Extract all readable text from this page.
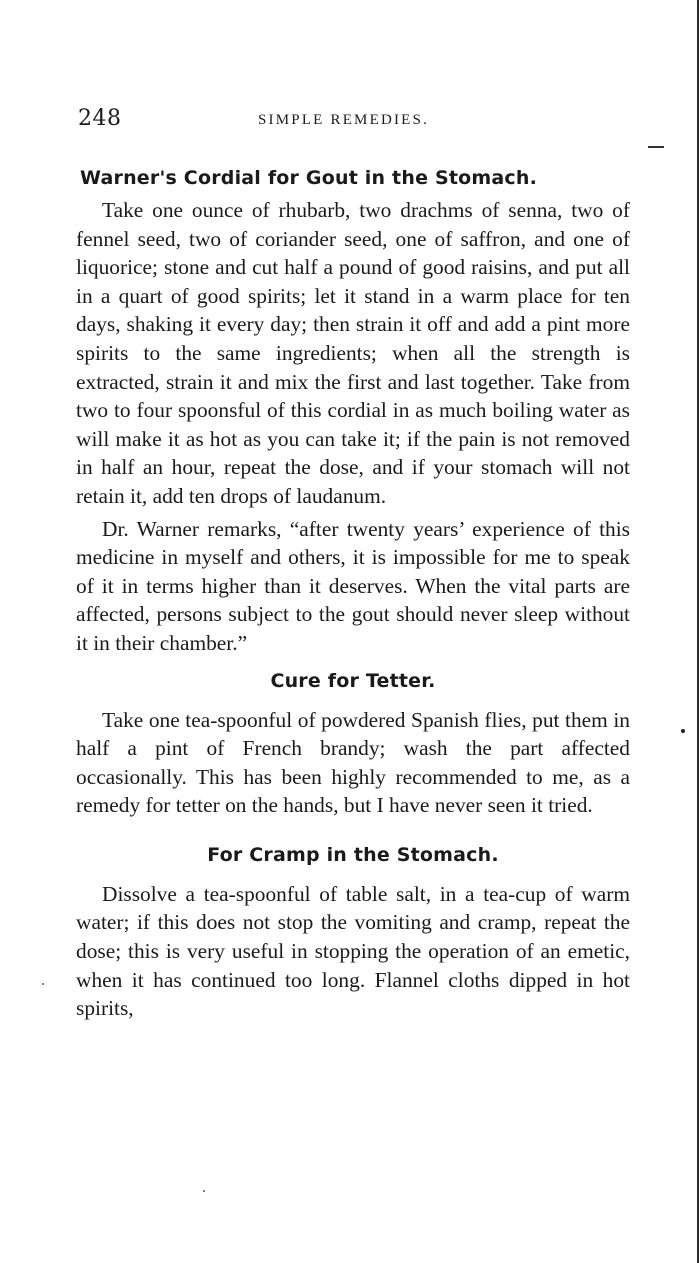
248	SIMPLE REMEDIES.
Warner's Cordial for Gout in the Stomach.

Take one ounce of rhubarb, two drachms of senna, two of fennel seed, two of coriander seed, one of saffron, and one of liquorice; stone and cut half a pound of good raisins, and put all in a quart of good spirits; let it stand in a warm place for ten days, shaking it every day; then strain it off and add a pint more spirits to the same ingredients; when all the strength is extracted, strain it and mix the first and last together. Take from two to four spoonsful of this cordial in as much boiling water as will make it as hot as you can take it; if the pain is not removed in half an hour, repeat the dose, and if your stomach will not retain it, add ten drops of laudanum.

Dr. Warner remarks, “after twenty years’ experience of this medicine in myself and others, it is impossible for me to speak of it in terms higher than it deserves. When the vital parts are affected, persons subject to the gout should never sleep without it in their chamber.”

Cure for Tetter.

Take one tea-spoonful of powdered Spanish flies, put them in half a pint of French brandy; wash the part affected occasionally. This has been highly recommended to me, as a remedy for tetter on the hands, but I have never seen it tried.

For Cramp in the Stomach.

Dissolve a tea-spoonful of table salt, in a tea-cup of warm water; if this does not stop the vomiting and cramp, repeat the dose; this is very useful in stopping the operation of an emetic, when it has continued too long. Flannel cloths dipped in hot spirits,
